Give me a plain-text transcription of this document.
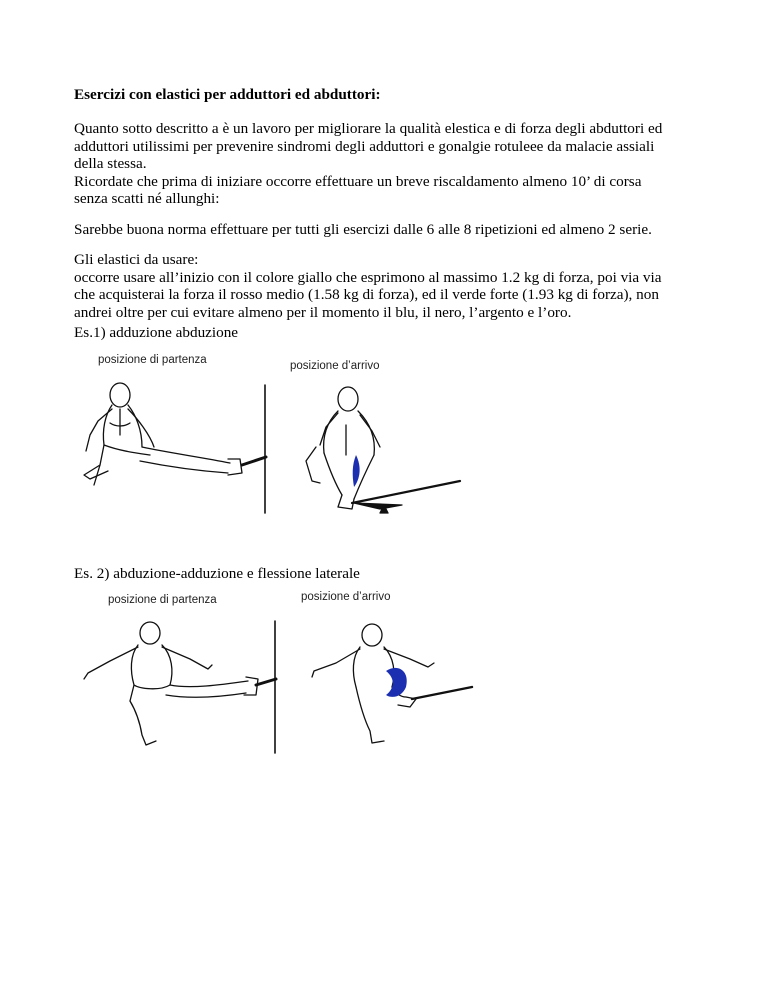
Esercizi con elastici per adduttori ed abduttori:
Quanto sotto descritto a è un lavoro per migliorare la qualità elestica e di forza degli abduttori ed
adduttori utilissimi per prevenire sindromi degli adduttori e gonalgie rotuleee da malacie assiali
della stessa.
Ricordate che prima di iniziare occorre effettuare un breve riscaldamento almeno 10’ di corsa
senza scatti né allunghi:
Sarebbe buona norma effettuare per tutti gli esercizi dalle 6 alle 8 ripetizioni ed almeno 2 serie.
Gli elastici da usare:
occorre usare all’inizio con il colore giallo che esprimono al massimo 1.2 kg di forza, poi via via
che acquisterai la forza il rosso medio (1.58 kg di forza), ed il verde forte (1.93 kg di forza), non
andrei oltre per cui evitare almeno per il momento il blu, il nero, l’argento e l’oro.
Es.1) adduzione abduzione
posizione di partenza	posizione d’arrivo
Es. 2) abduzione-adduzione e flessione laterale
posizione di partenza	posizione d’arrivo
